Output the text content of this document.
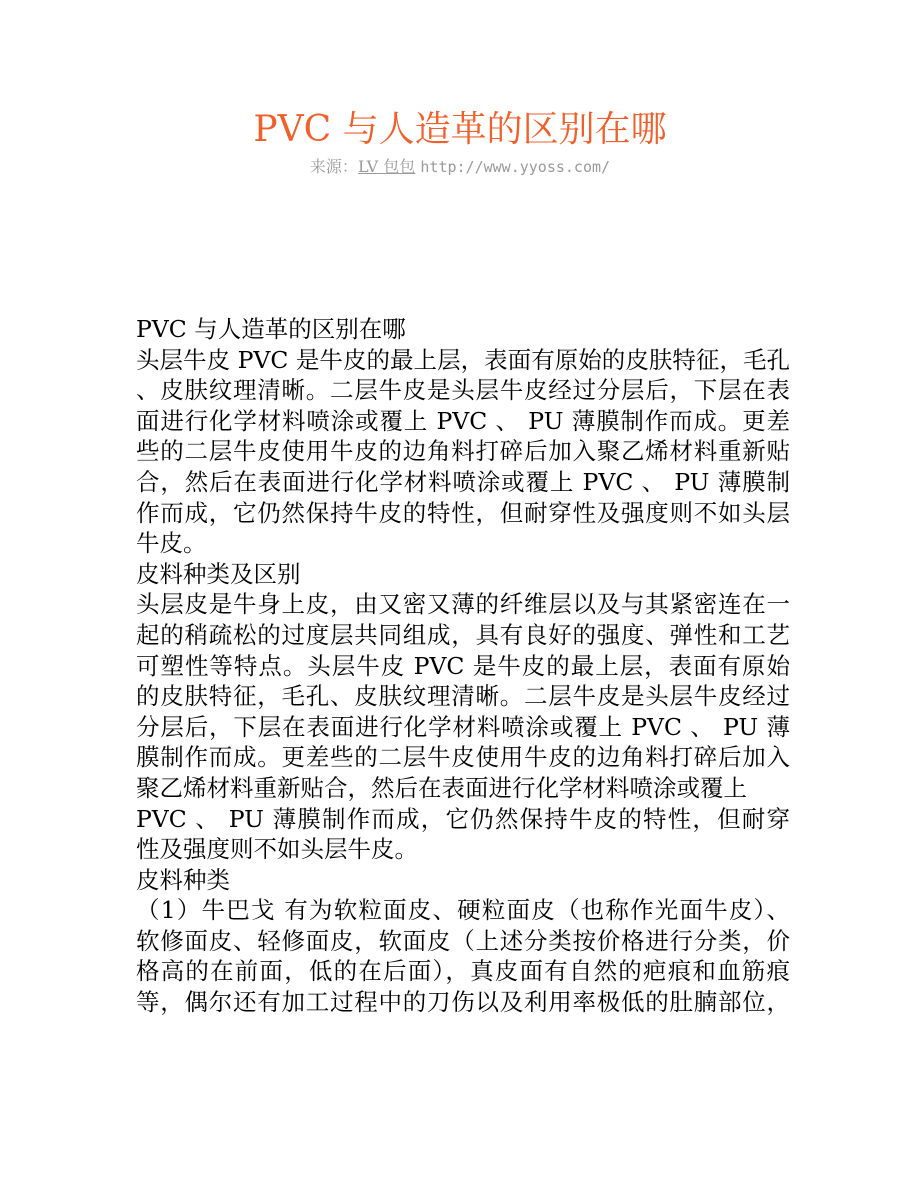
PVC 与人造革的区别在哪
来源：LV 包包 http://www.yyoss.com/
PVC 与人造革的区别在哪
头层牛皮 PVC 是牛皮的最上层，表面有原始的皮肤特征，毛孔
、皮肤纹理清晰。二层牛皮是头层牛皮经过分层后，下层在表
面进行化学材料喷涂或覆上 PVC 、 PU 薄膜制作而成。更差
些的二层牛皮使用牛皮的边角料打碎后加入聚乙烯材料重新贴
合，然后在表面进行化学材料喷涂或覆上 PVC 、 PU 薄膜制
作而成，它仍然保持牛皮的特性，但耐穿性及强度则不如头层
牛皮。
皮料种类及区别
头层皮是牛身上皮，由又密又薄的纤维层以及与其紧密连在一
起的稍疏松的过度层共同组成，具有良好的强度、弹性和工艺
可塑性等特点。头层牛皮 PVC 是牛皮的最上层，表面有原始
的皮肤特征，毛孔、皮肤纹理清晰。二层牛皮是头层牛皮经过
分层后，下层在表面进行化学材料喷涂或覆上 PVC 、 PU 薄
膜制作而成。更差些的二层牛皮使用牛皮的边角料打碎后加入
聚乙烯材料重新贴合，然后在表面进行化学材料喷涂或覆上
PVC 、 PU 薄膜制作而成，它仍然保持牛皮的特性，但耐穿
性及强度则不如头层牛皮。
皮料种类
（1）牛巴戈 有为软粒面皮、硬粒面皮（也称作光面牛皮）、
软修面皮、轻修面皮，软面皮（上述分类按价格进行分类，价
格高的在前面，低的在后面），真皮面有自然的疤痕和血筋痕
等，偶尔还有加工过程中的刀伤以及利用率极低的肚腩部位，
